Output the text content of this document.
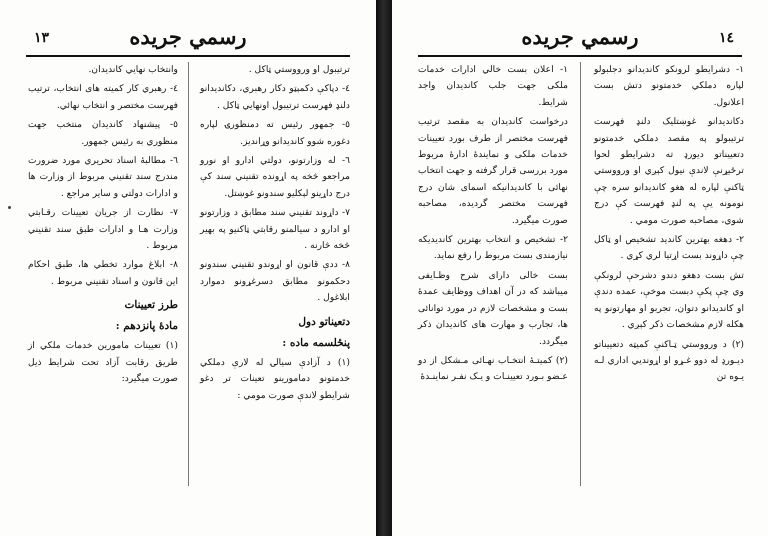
رسمي جريده
١٣

ترتيبول او ورووستي ټاکل .

٤- دپاکې دکمېټو دکار رهبري، دکانديدانو دلنډ فهرست ترتيبول اونهايي ټاکل .

٥- جمهور رئيس ته دمنظورۍ لپاره دغوره شوو کانديدانو وړانديز.

٦- له وزارتونو، دولتي ادارو او نورو مراجعو څخه په اړونده تقنيني سند کې درج داړينو لېکليو سندونو غوښتل.

٧- داړوند تقنيني سند مطابق د وزارتونو او ادارو د سيالمنو رقابتي ټاکنيو په بهير څخه څارنه .

٨- ددې قانون او اړوندو تقنيني سندونو دحکمونو مطابق دسرغړونو دموارد ابلاغول .

دتعيناتو دول
پنځلسمه ماده :

(١) د آزادې سيالۍ له لارې دملکي خدمتونو دمامورينو تعينات تر دغو شرايطو لاندې صورت مومي :

وانتخاب نهايي کانديدان.

٤- رهبري کار کميته هاى انتخاب، ترتيب فهرست مختصر و انتخاب نهائي.

٥- پيشنهاد کانديدان منتخب جهت منظوري به رئيس جمهور.

٦- مطالبهٔ اسناد تحريري مورد ضرورت مندرج سند تقنيني مربوط از وزارت ها و ادارات دولتي و ساير مراجع .

٧- نظارت از جريان تعيينات رقـابتي وزارت هـا و ادارات طبق سند تقنيني مربوط .

٨- ابلاغ موارد تخطي ها، طبق احکام اين قانون و اسناد تقنيني مربوط .

طرز تعيينات
مادهٔ پانزدهم :

(١) تعيينات مامورين خدمات ملکي از طريق رقابت آزاد تحت شرايط ذيل صورت ميگيرد:

رسمي جريده	١٤

١- دشرايطو لرونکو کانديدانو دجلبولو لپاره دملکي خدمتونو دتش بست اعلانول.

دکانديدانو غوښتليک دلنډ فهرست ترتيبولو په مقصد دملکي خدمتونو دتعييناتو ديورډ ته دشرايطو لحوا ترځيړنې لاندې نيول کېږي او ورووستي ټاکنې لپاره له هغو کانديدانو سره چې نومونه يې په لنډ فهرست کې درج شوي، مصاحبه صورت مومي .

٢- دهغه بهترين کانديد تشخيص او ټاکل چې داړوند بست اړتيا لري کړي .

تش بست دهغو دندو دشرحې لرونکې وي چې پکې دبست موخې، عمده دندې او کانديدانو دتوان، تجربو او مهارتونو په هکله لازم مشخصات ذکر کېږي .

(٢) د ورووستي ټـاکنې کميټه دتعييناتو ديـورډ له دوو غـړو او اړونديي اداري لـه يـوه تن

١- اعلان بست خالي ادارات خدمات ملکی جهت جلب کانديدان واجد شرايط.

درخواست کانديدان به مقصد ترتيب فهرست مختصر از طرف بورد تعيينات خدمات ملکی و نمايندهٔ ادارهٔ مربوط مورد بررسی قرار گرفته و جهت انتخاب نهائی با کانديدانيکه اسمای شان درج فهرست مختصر گرديده، مصاحبه صورت ميگيرد.

٢- تشخيص و انتخاب بهترين کانديديکه نيازمندی بست مربوط را رفع نمايد.

بست خالی دارای شرح وظـايفی ميباشد که در آن اهداف ووظايف عمدهٔ بست و مشخصات لازم در مورد توانائی ها، تجارب و مهارت های کانديدان ذکر ميگردد.

(٢) کميتـهٔ انتخـاب نهـائی مـشکل از دو عـضو بـورد تعيينـات و يـک نفـر نماينـدهٔ
